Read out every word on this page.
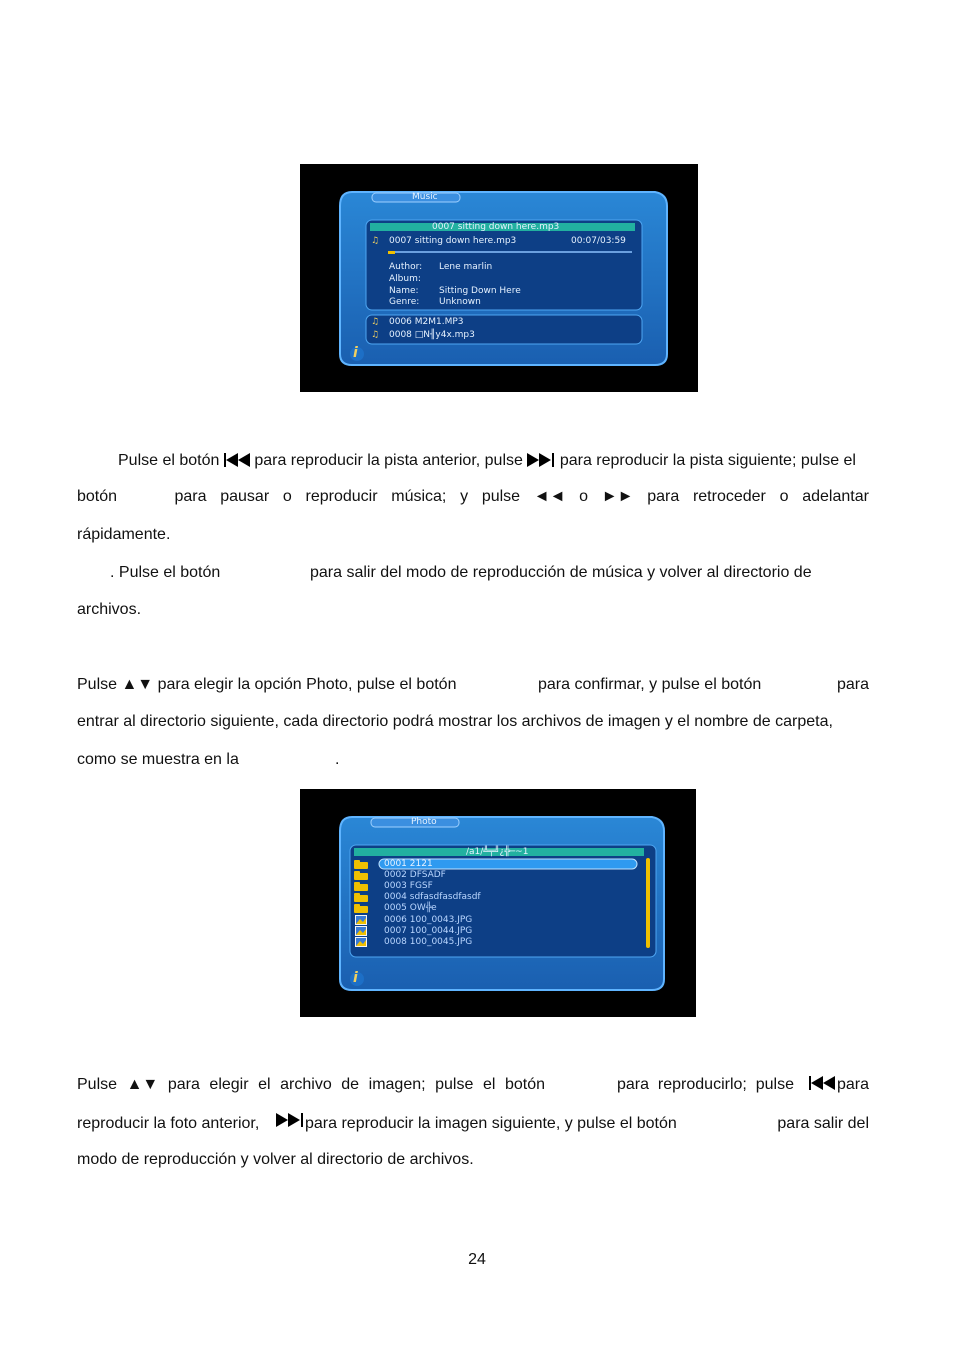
Music
0007 sitting down here.mp3
♫ 0007 sitting down here.mp3	00:07/03:59
Author: Lene marlin
Album:
Name: Sitting Down Here
Genre: Unknown
♫ 0006 M2M1.MP3
♫ 0008 □N╢y4x.mp3
i
Pulse el botón para reproducir la pista anterior, pulse para reproducir la pista siguiente; pulse el
botón	para pausar o reproducir música; y pulse ◄◄ o ►► para retroceder o adelantar
rápidamente.
. Pulse el botón	para salir del modo de reproducción de música y volver al directorio de
archivos.
Pulse ▲▼ para elegir la opción Photo, pulse el botón	para confirmar, y pulse el botón	para
entrar al directorio siguiente, cada directorio podrá mostrar los archivos de imagen y el nombre de carpeta,
como se muestra en la	.
Photo
/a1/╩╤╝¿╬─~1
0001 2121
0002 DFSADF
0003 FGSF
0004 sdfasdfasdfasdf
0005 OW╬e
0006 100_0043.JPG
0007 100_0044.JPG
0008 100_0045.JPG
i
Pulse ▲▼ para elegir el archivo de imagen; pulse el botón	para  reproducirlo;  pulse	para
reproducir la foto anterior,	para reproducir la imagen siguiente, y pulse el botón	para salir del
modo de reproducción y volver al directorio de archivos.
24
